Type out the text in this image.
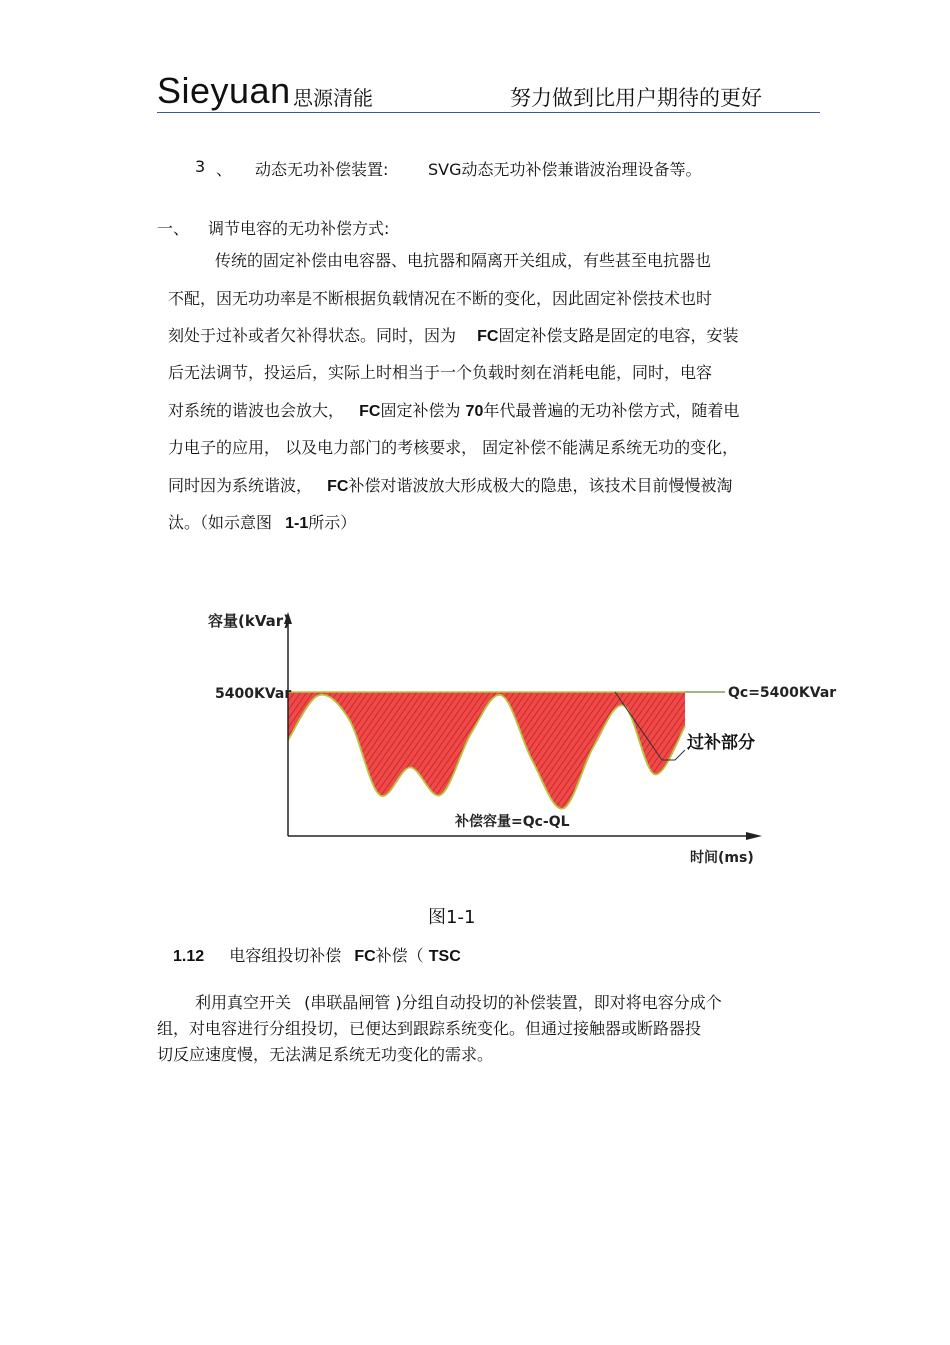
Sieyuan 思源清能	努力做到比用户期待的更好
3 、 动态无功补偿装置: SVG动态无功补偿兼谐波治理设备等。
一、 调节电容的无功补偿方式:
传统的固定补偿由电容器、电抗器和隔离开关组成，有些甚至电抗器也
不配，因无功功率是不断根据负载情况在不断的变化，因此固定补偿技术也时
刻处于过补或者欠补得状态。同时，因为 FC固定补偿支路是固定的电容，安装
后无法调节，投运后，实际上时相当于一个负载时刻在消耗电能，同时，电容
对系统的谐波也会放大， FC固定补偿为 70年代最普遍的无功补偿方式，随着电
力电子的应用， 以及电力部门的考核要求， 固定补偿不能满足系统无功的变化，
同时因为系统谐波， FC补偿对谐波放大形成极大的隐患，该技术目前慢慢被淘
汰。（如示意图 1-1所示）
容量(kVar)
5400KVar	Qc=5400KVar
过补部分
补偿容量=Qc-QL
时间(ms)
图1-1
1.12 电容组投切补偿 FC补偿（ TSC
利用真空开关 (串联晶闸管 )分组自动投切的补偿装置，即对将电容分成个
组，对电容进行分组投切，已便达到跟踪系统变化。但通过接触器或断路器投
切反应速度慢，无法满足系统无功变化的需求。
